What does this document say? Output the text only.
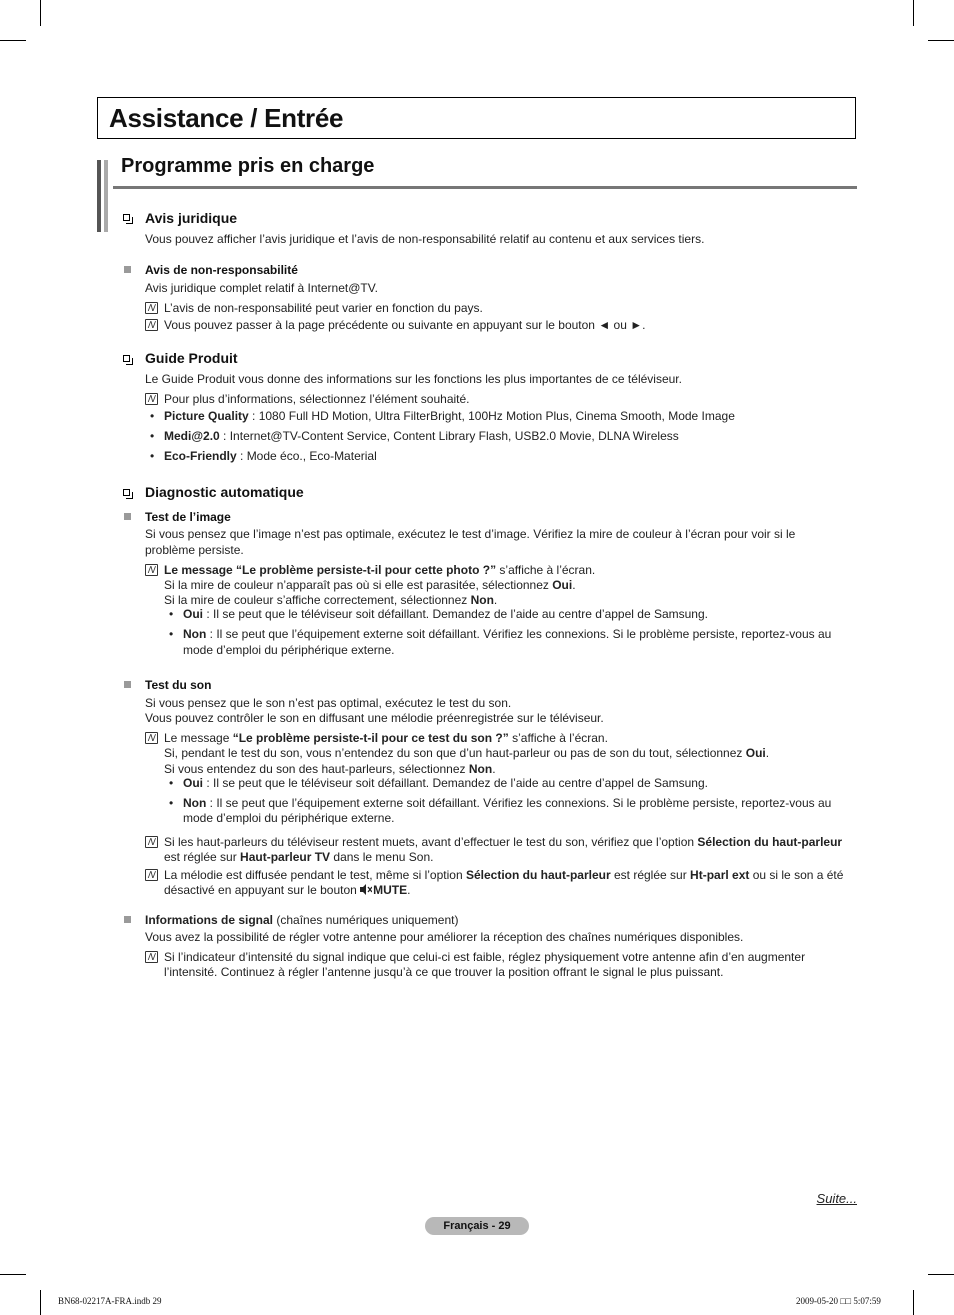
Assistance / Entrée
Programme pris en charge
Avis juridique
Vous pouvez afficher l’avis juridique et l’avis de non-responsabilité relatif au contenu et aux services tiers.
Avis de non-responsabilité
Avis juridique complet relatif à Internet@TV.
N L’avis de non-responsabilité peut varier en fonction du pays.
N Vous pouvez passer à la page précédente ou suivante en appuyant sur le bouton ◄ ou ►.
Guide Produit
Le Guide Produit vous donne des informations sur les fonctions les plus importantes de ce téléviseur.
N Pour plus d’informations, sélectionnez l’élément souhaité.
• Picture Quality : 1080 Full HD Motion, Ultra FilterBright, 100Hz Motion Plus, Cinema Smooth, Mode Image
• Medi@2.0 : Internet@TV-Content Service, Content Library Flash, USB2.0 Movie, DLNA Wireless
• Eco-Friendly : Mode éco., Eco-Material
Diagnostic automatique
Test de l’image
Si vous pensez que l’image n’est pas optimale, exécutez le test d’image. Vérifiez la mire de couleur à l’écran pour voir si le
problème persiste.
N Le message “Le problème persiste-t-il pour cette photo ?” s’affiche à l’écran.
Si la mire de couleur n’apparaît pas où si elle est parasitée, sélectionnez Oui.
Si la mire de couleur s’affiche correctement, sélectionnez Non.
• Oui : Il se peut que le téléviseur soit défaillant. Demandez de l’aide au centre d’appel de Samsung.
• Non : Il se peut que l’équipement externe soit défaillant. Vérifiez les connexions. Si le problème persiste, reportez-vous au
mode d’emploi du périphérique externe.
Test du son
Si vous pensez que le son n’est pas optimal, exécutez le test du son.
Vous pouvez contrôler le son en diffusant une mélodie préenregistrée sur le téléviseur.
N Le message “Le problème persiste-t-il pour ce test du son ?” s’affiche à l’écran.
Si, pendant le test du son, vous n’entendez du son que d’un haut-parleur ou pas de son du tout, sélectionnez Oui.
Si vous entendez du son des haut-parleurs, sélectionnez Non.
• Oui : Il se peut que le téléviseur soit défaillant. Demandez de l’aide au centre d’appel de Samsung.
• Non : Il se peut que l’équipement externe soit défaillant. Vérifiez les connexions. Si le problème persiste, reportez-vous au
mode d’emploi du périphérique externe.
N Si les haut-parleurs du téléviseur restent muets, avant d’effectuer le test du son, vérifiez que l’option Sélection du haut-parleur
est réglée sur Haut-parleur TV dans le menu Son.
N La mélodie est diffusée pendant le test, même si l’option Sélection du haut-parleur est réglée sur Ht-parl ext ou si le son a été
désactivé en appuyant sur le bouton MUTE.
Informations de signal (chaînes numériques uniquement)
Vous avez la possibilité de régler votre antenne pour améliorer la réception des chaînes numériques disponibles.
N Si l’indicateur d’intensité du signal indique que celui-ci est faible, réglez physiquement votre antenne afin d’en augmenter
l’intensité. Continuez à régler l’antenne jusqu’à ce que trouver la position offrant le signal le plus puissant.
Suite...
Français - 29
BN68-02217A-FRA.indb 29	2009-05-20 □□ 5:07:59
